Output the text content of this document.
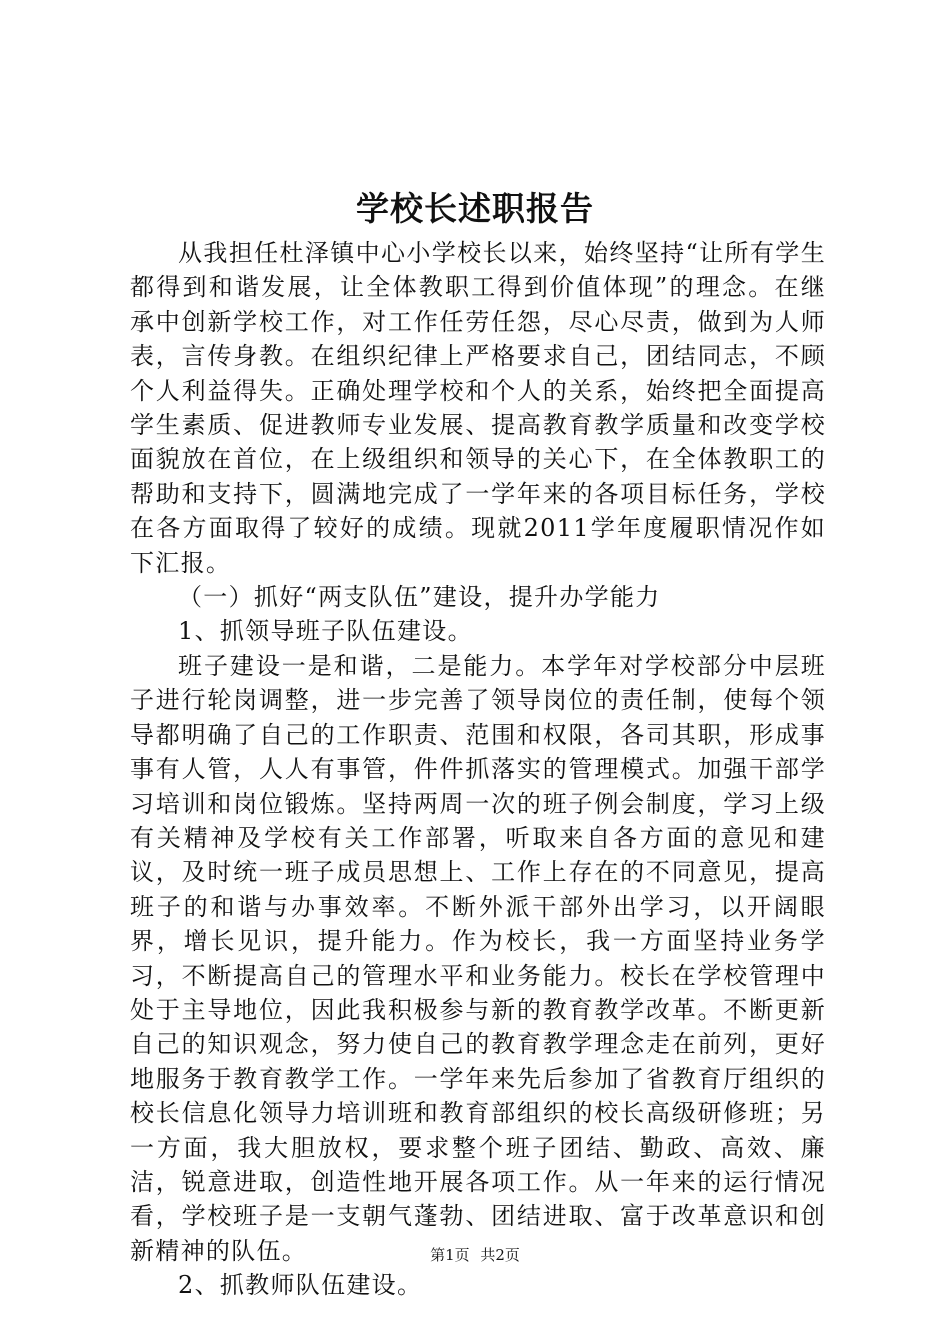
学校长述职报告

从我担任杜泽镇中心小学校长以来，始终坚持“让所有学生都得到和谐发展，让全体教职工得到价值体现”的理念。在继承中创新学校工作，对工作任劳任怨，尽心尽责，做到为人师表，言传身教。在组织纪律上严格要求自己，团结同志，不顾个人利益得失。正确处理学校和个人的关系，始终把全面提高学生素质、促进教师专业发展、提高教育教学质量和改变学校面貌放在首位，在上级组织和领导的关心下，在全体教职工的帮助和支持下，圆满地完成了一学年来的各项目标任务，学校在各方面取得了较好的成绩。现就2011学年度履职情况作如下汇报。

（一）抓好“两支队伍”建设，提升办学能力

1、抓领导班子队伍建设。

班子建设一是和谐，二是能力。本学年对学校部分中层班子进行轮岗调整，进一步完善了领导岗位的责任制，使每个领导都明确了自己的工作职责、范围和权限，各司其职，形成事事有人管，人人有事管，件件抓落实的管理模式。加强干部学习培训和岗位锻炼。坚持两周一次的班子例会制度，学习上级有关精神及学校有关工作部署，听取来自各方面的意见和建议，及时统一班子成员思想上、工作上存在的不同意见，提高班子的和谐与办事效率。不断外派干部外出学习，以开阔眼界，增长见识，提升能力。作为校长，我一方面坚持业务学习，不断提高自己的管理水平和业务能力。校长在学校管理中处于主导地位，因此我积极参与新的教育教学改革。不断更新自己的知识观念，努力使自己的教育教学理念走在前列，更好地服务于教育教学工作。一学年来先后参加了省教育厅组织的校长信息化领导力培训班和教育部组织的校长高级研修班；另一方面，我大胆放权，要求整个班子团结、勤政、高效、廉洁，锐意进取，创造性地开展各项工作。从一年来的运行情况看，学校班子是一支朝气蓬勃、团结进取、富于改革意识和创新精神的队伍。

2、抓教师队伍建设。

第1页 共2页
